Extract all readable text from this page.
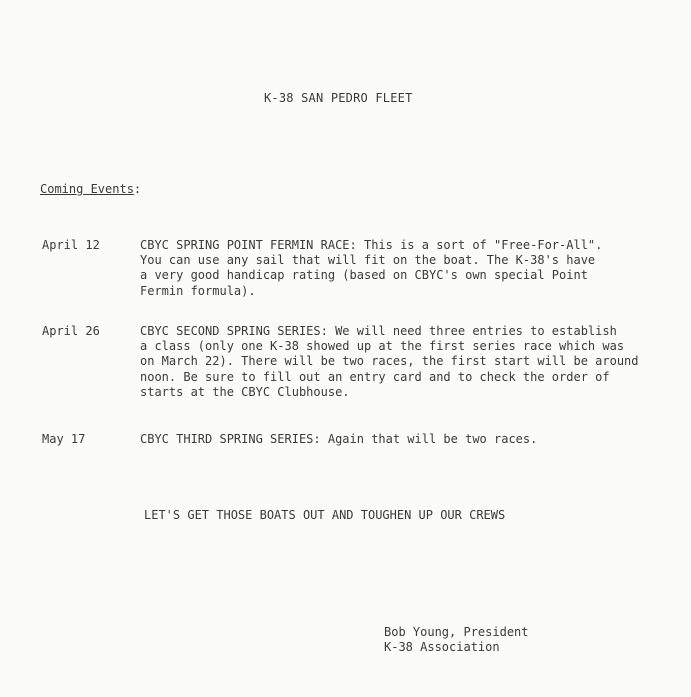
K-38 SAN PEDRO FLEET
Coming Events:
April 12	CBYC SPRING POINT FERMIN RACE: This is a sort of "Free-For-All".
You can use any sail that will fit on the boat. The K-38's have
a very good handicap rating (based on CBYC's own special Point
Fermin formula).
April 26	CBYC SECOND SPRING SERIES: We will need three entries to establish
a class (only one K-38 showed up at the first series race which was
on March 22). There will be two races, the first start will be around
noon. Be sure to fill out an entry card and to check the order of
starts at the CBYC Clubhouse.
May 17	CBYC THIRD SPRING SERIES: Again that will be two races.
LET'S GET THOSE BOATS OUT AND TOUGHEN UP OUR CREWS
Bob Young, President
K-38 Association
